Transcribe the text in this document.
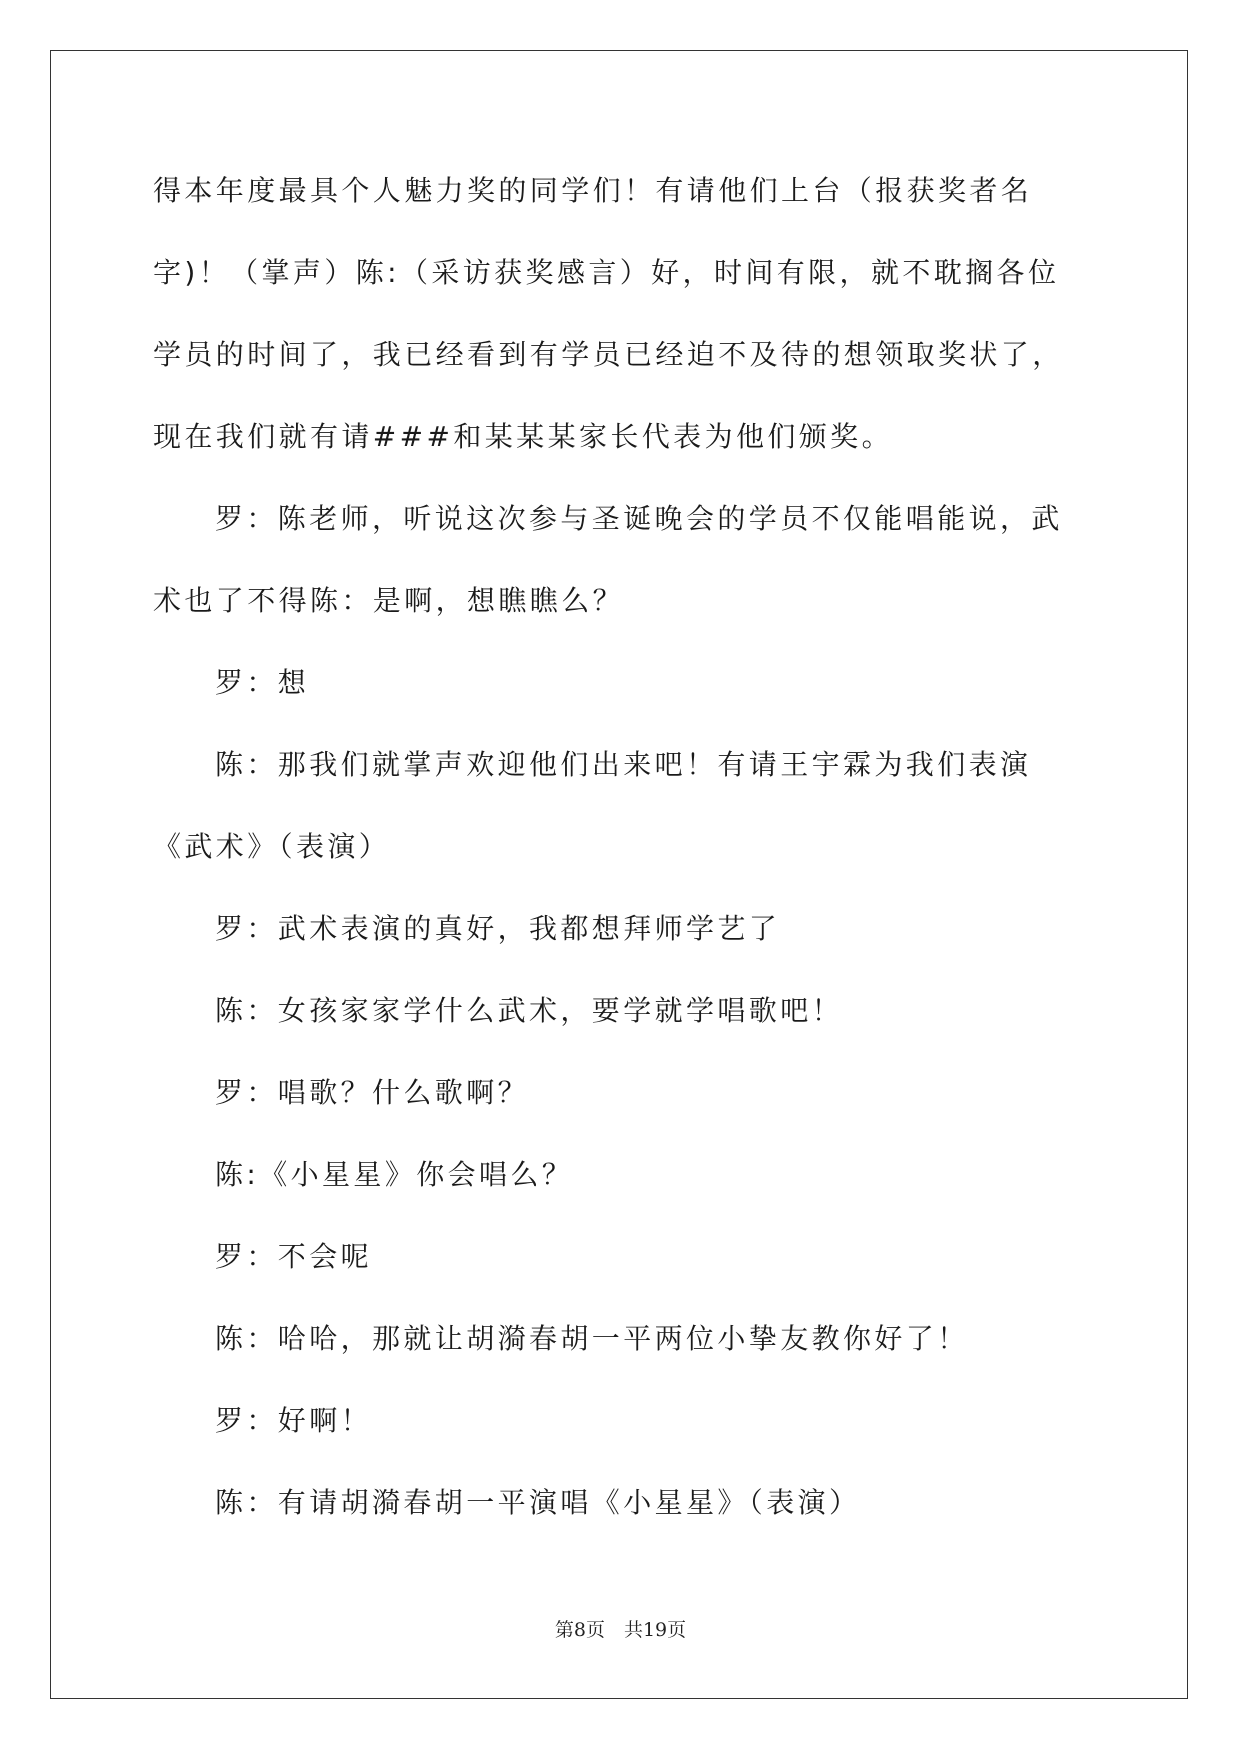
得本年度最具个人魅力奖的同学们！有请他们上台（报获奖者名字)！（掌声）陈:（采访获奖感言）好，时间有限，就不耽搁各位学员的时间了，我已经看到有学员已经迫不及待的想领取奖状了，现在我们就有请###和某某某家长代表为他们颁奖。

罗：陈老师，听说这次参与圣诞晚会的学员不仅能唱能说，武术也了不得陈：是啊，想瞧瞧么？

罗：想

陈：那我们就掌声欢迎他们出来吧！有请王宇霖为我们表演《武术》（表演）

罗：武术表演的真好，我都想拜师学艺了

陈：女孩家家学什么武术，要学就学唱歌吧！

罗：唱歌？什么歌啊？

陈:《小星星》你会唱么？

罗：不会呢

陈：哈哈，那就让胡漪春胡一平两位小挚友教你好了！

罗：好啊！

陈：有请胡漪春胡一平演唱《小星星》（表演）

第8页　共19页
